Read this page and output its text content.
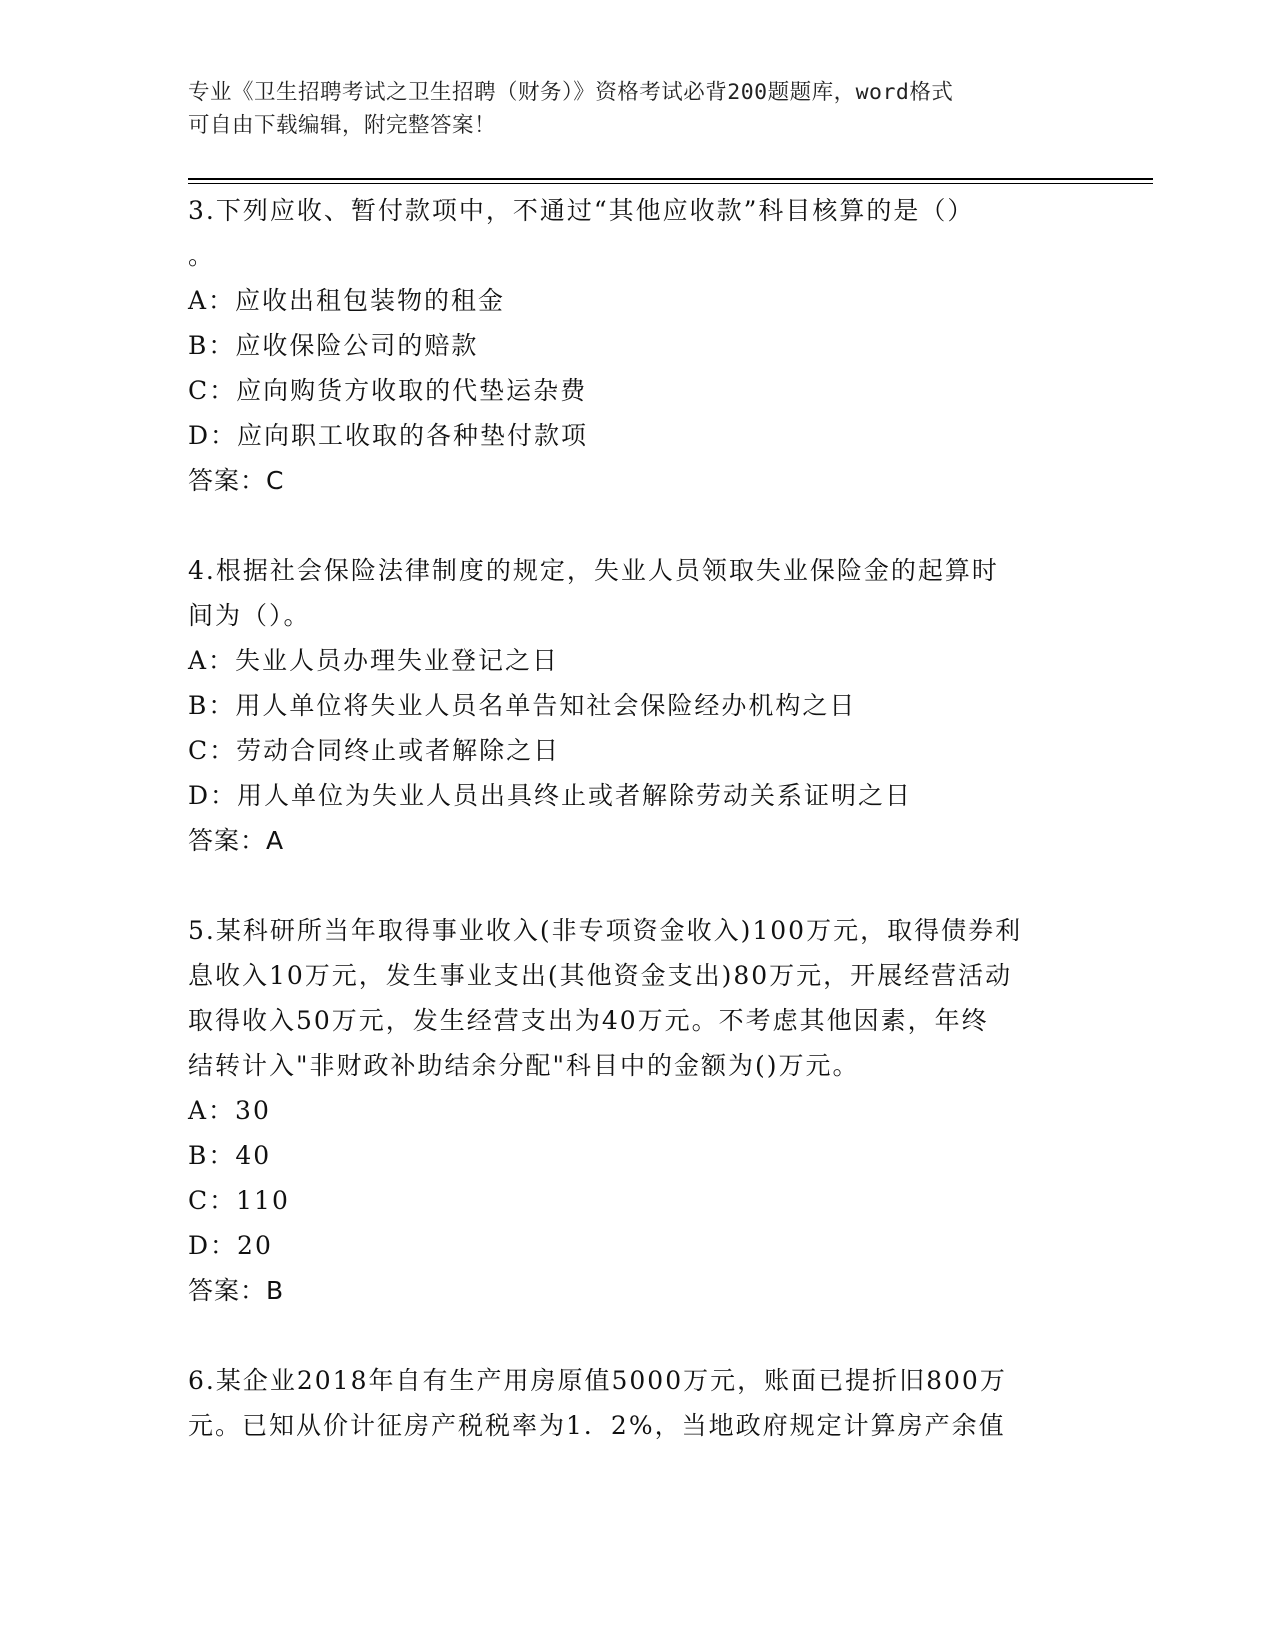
专业《卫生招聘考试之卫生招聘（财务）》资格考试必背200题题库，word格式
可自由下载编辑，附完整答案！
3.下列应收、暂付款项中，不通过“其他应收款”科目核算的是（）
。
A：应收出租包装物的租金
B：应收保险公司的赔款
C：应向购货方收取的代垫运杂费
D：应向职工收取的各种垫付款项
答案：C
4.根据社会保险法律制度的规定，失业人员领取失业保险金的起算时
间为（）。
A：失业人员办理失业登记之日
B：用人单位将失业人员名单告知社会保险经办机构之日
C：劳动合同终止或者解除之日
D：用人单位为失业人员出具终止或者解除劳动关系证明之日
答案：A
5.某科研所当年取得事业收入(非专项资金收入)100万元，取得债券利
息收入10万元，发生事业支出(其他资金支出)80万元，开展经营活动
取得收入50万元，发生经营支出为40万元。不考虑其他因素，年终
结转计入"非财政补助结余分配"科目中的金额为()万元。
A：30
B：40
C：110
D：20
答案：B
6.某企业2018年自有生产用房原值5000万元，账面已提折旧800万
元。已知从价计征房产税税率为1．2%，当地政府规定计算房产余值
